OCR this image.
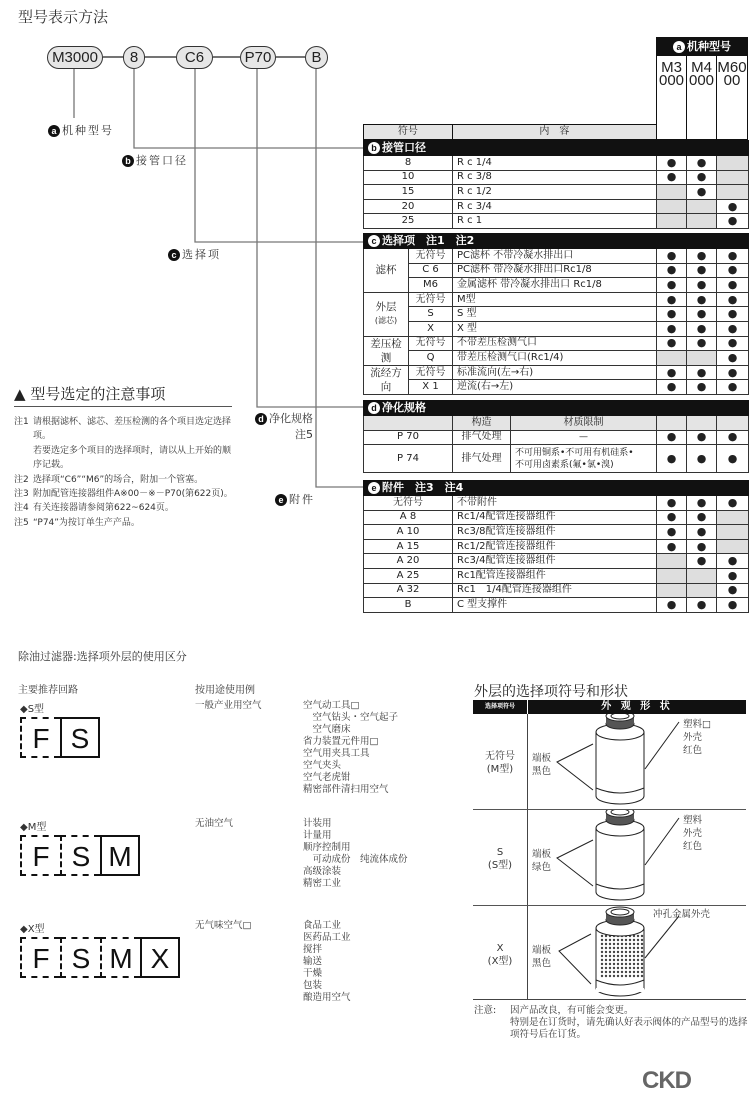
型号表示方法
M3000	8	C6	P70	B
a 机种型号
b 接管口径
c 选择项
d 净化规格
注5
e 附件
a 机种型号
M3000
M4000
M6000
符号	内　容
b 接管口径				
8	R c 1/4	●	●	
10	R c 3/8	●	●	
15	R c 1/2		●	
20	R c 3/4			●
25	R c 1			●
c 选择项　注1　注2					

滤杯	无符号	PC滤杯 不带冷凝水排出口	●	●	●
	C 6	PC滤杯 带冷凝水排出口Rc1/8	●	●	●
	M6	金属滤杯 带冷凝水排出口 Rc1/8	●	●	●

外层
(滤芯)	无符号	M型	●	●	●
	S	S 型	●	●	●
	X	X 型	●	●	●

差压检测	无符号	不带差压检测气口	●	●	●
	Q	带差压检测气口(Rc1/4)			●

流经方向	无符号	标准流向(左→右)	●	●	●
	X 1	逆流(右→左)	●	●	●
d 净化规格					
	构造	材质限制			
P 70	排气处理	—	●	●	●
P 74	排气处理	不可用铜系•不可用有机硅系•
不可用卤素系(氟•氯•溴)	●	●	●
e 附件　注3　注4				
无符号	不带附件	●	●	●
A 8	Rc1/4配管连接器组件	●	●	
A 10	Rc3/8配管连接器组件	●	●	
A 15	Rc1/2配管连接器组件	●	●	
A 20	Rc3/4配管连接器组件		●	●
A 25	Rc1配管连接器组件			●
A 32	Rc1　1/4配管连接器组件			●
B	C 型支撑件	●	●	●
▲ 型号选定的注意事项
注1 请根据滤杯、滤芯、差压检测的各个项目选定选择项。
若要选定多个项目的选择项时，请以从上开始的顺序记载。
注2 选择项“C6”“M6”的场合，附加一个管塞。
注3 附加配管连接器组件A※00－※－P70(第622页)。
注4 有关连接器请参阅第622~624页。
注5 “P74”为按订单生产产品。
除油过滤器:选择项外层的使用区分
主要推荐回路	按用途使用例
◆S型
F S
一般产业用空气	空气动工具□
　空气钻头・空气起子
　空气磨床
省力装置元件用□
空气用夹具工具
空气夹头
空气老虎钳
精密部件清扫用空气
◆M型
F S M
无油空气	计装用
计量用
顺序控制用
　可动成份　纯流体成份
高级涂装
精密工业
◆X型
F S M X
无气味空气□	食品工业
医药品工业
搅拌
输送
干燥
包装
酿造用空气
外层的选择项符号和形状
选择项符号	外 观 形 状
无符号
(M型)
端板
黑色
塑料□
外壳
红色
S
(S型)
端板
绿色
塑料
外壳
红色
X
(X型)
端板
黑色
冲孔金属外壳
注意:	因产品改良，有可能会变更。
特别是在订货时，请先确认好表示阀体的产品型号的选择项符号后在订货。
CKD
